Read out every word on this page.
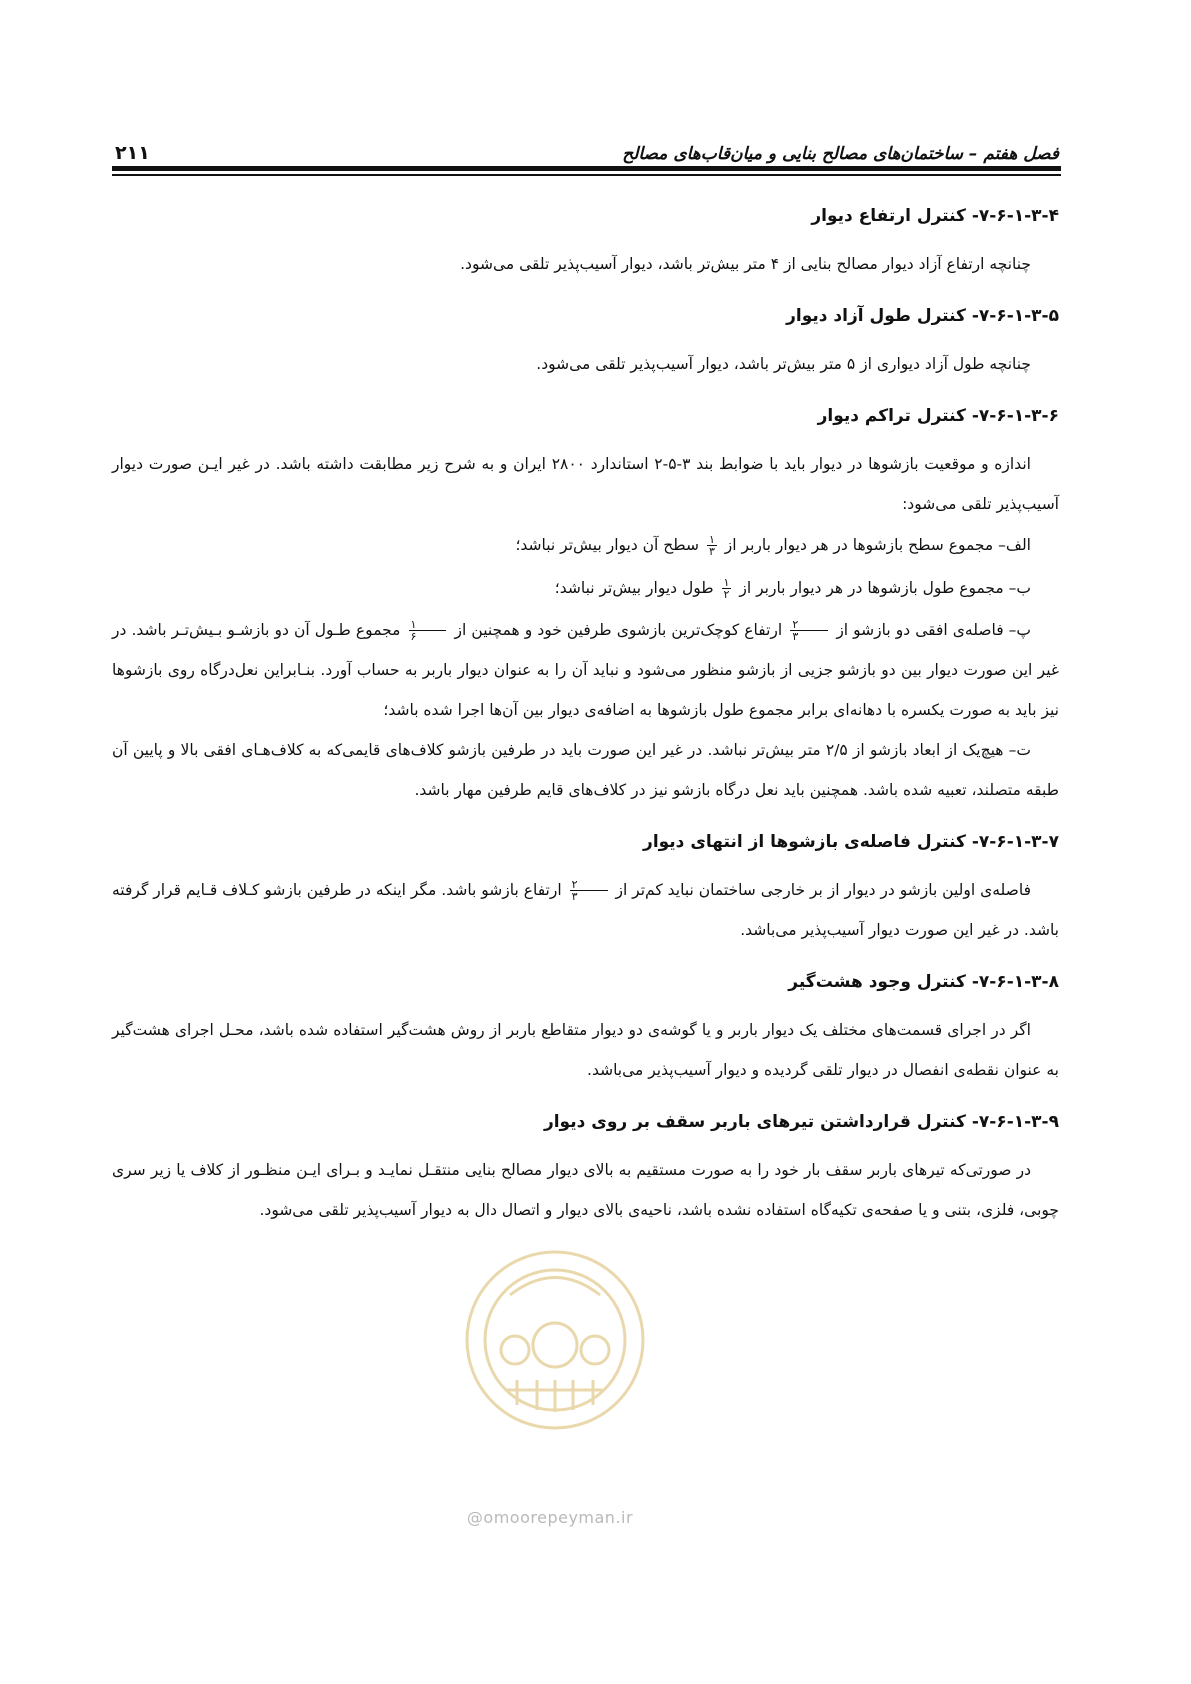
فصل هفتم – ساختمان‌های مصالح بنایی و میان‌قاب‌های مصالح
۲۱۱
۷-۶-۱-۳-۴- کنترل ارتفاع دیوار

چنانچه ارتفاع آزاد دیوار مصالح بنایی از ۴ متر بیش‌تر باشد، دیوار آسیب‌پذیر تلقی می‌شود.

۷-۶-۱-۳-۵- کنترل طول آزاد دیوار

چنانچه طول آزاد دیواری از ۵ متر بیش‌تر باشد، دیوار آسیب‌پذیر تلقی می‌شود.

۷-۶-۱-۳-۶- کنترل تراکم دیوار

اندازه و موقعیت بازشوها در دیوار باید با ضوابط بند ۳-۵-۲ استاندارد ۲۸۰۰ ایران و به شرح زیر مطابقت داشته باشد. در غیر ایـن صورت دیوار آسیب‌پذیر تلقی می‌شود:

الف– مجموع سطح بازشوها در هر دیوار باربر از
$\frac{۱}{۳}$
سطح آن دیوار بیش‌تر نباشد؛
ب– مجموع طول بازشوها در هر دیوار باربر از
$\frac{۱}{۲}$
طول دیوار بیش‌تر نباشد؛

پ– فاصله‌ی افقی دو بازشو از
$\frac{۲}{۳}$
ارتفاع کوچک‌ترین بازشوی طرفین خود و همچنین از
$\frac{۱}{۶}$
مجموع طـول آن دو بازشـو بـیش‌تـر باشد. در غیر این صورت دیوار بین دو بازشو جزیی از بازشو منظور می‌شود و نباید آن را به عنوان دیوار باربر به حساب آورد. بنـابراین نعل‌درگاه روی بازشوها نیز باید به صورت یکسره با دهانه‌ای برابر مجموع طول بازشوها به اضافه‌ی دیوار بین آن‌ها اجرا شده باشد؛

ت– هیچ‌یک از ابعاد بازشو از ۲/۵ متر بیش‌تر نباشد. در غیر این صورت باید در طرفین بازشو کلاف‌های قایمی‌که به کلاف‌هـای افقی بالا و پایین آن طبقه متصلند، تعبیه شده باشد. همچنین باید نعل درگاه بازشو نیز در کلاف‌های قایم طرفین مهار باشد.

۷-۶-۱-۳-۷- کنترل فاصله‌ی بازشوها از انتهای دیوار

فاصله‌ی اولین بازشو در دیوار از بر خارجی ساختمان نباید کم‌تر از
$\frac{۲}{۳}$
ارتفاع بازشو باشد. مگر اینکه در طرفین بازشو کـلاف قـایم قرار گرفته باشد. در غیر این صورت دیوار آسیب‌پذیر می‌باشد.

۷-۶-۱-۳-۸- کنترل وجود هشت‌گیر

اگر در اجرای قسمت‌های مختلف یک دیوار باربر و یا گوشه‌ی دو دیوار متقاطع باربر از روش هشت‌گیر استفاده شده باشد، محـل اجرای هشت‌گیر به عنوان نقطه‌ی انفصال در دیوار تلقی گردیده و دیوار آسیب‌پذیر می‌باشد.

۷-۶-۱-۳-۹- کنترل قرارداشتن تیرهای باربر سقف بر روی دیوار

در صورتی‌که تیرهای باربر سقف بار خود را به صورت مستقیم به بالای دیوار مصالح بنایی منتقـل نمایـد و بـرای ایـن منظـور از کلاف یا زیر سری چوبی، فلزی، بتنی و یا صفحه‌ی تکیه‌گاه استفاده نشده باشد، ناحیه‌ی بالای دیوار و اتصال دال به دیوار آسیب‌پذیر تلقی می‌شود.

@omoorepeyman.ir
